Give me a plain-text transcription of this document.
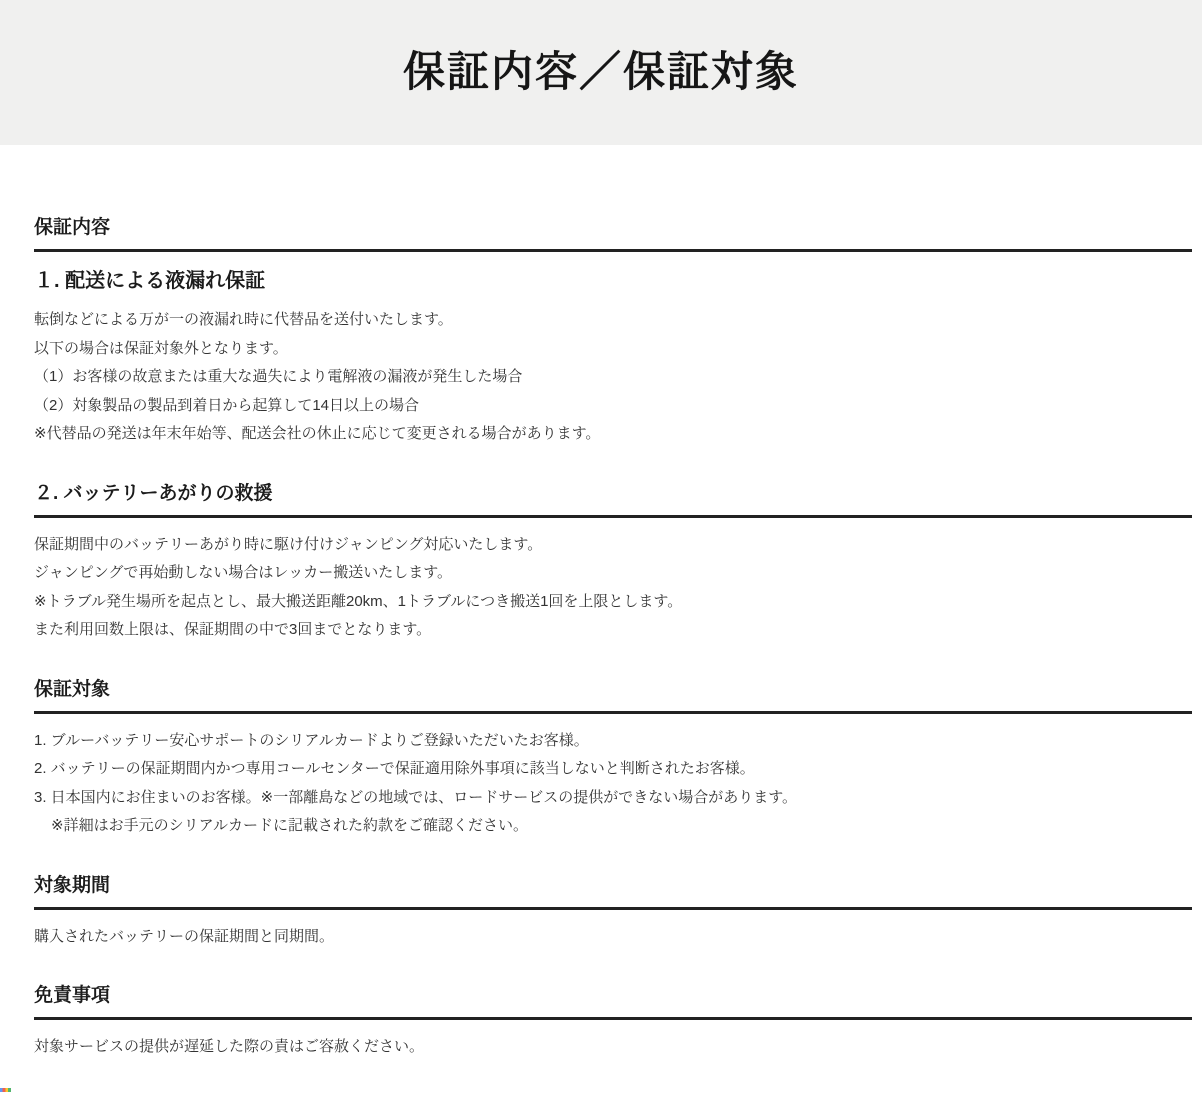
保証内容／保証対象
保証内容
１. 配送による液漏れ保証

転倒などによる万が一の液漏れ時に代替品を送付いたします。

以下の場合は保証対象外となります。

（1）お客様の故意または重大な過失により電解液の漏液が発生した場合

（2）対象製品の製品到着日から起算して14日以上の場合

※代替品の発送は年末年始等、配送会社の休止に応じて変更される場合があります。

２. バッテリーあがりの救援

保証期間中のバッテリーあがり時に駆け付けジャンピング対応いたします。

ジャンピングで再始動しない場合はレッカー搬送いたします。

※トラブル発生場所を起点とし、最大搬送距離20km、1トラブルにつき搬送1回を上限とします。

また利用回数上限は、保証期間の中で3回までとなります。

保証対象

1. ブルーバッテリー安心サポートのシリアルカードよりご登録いただいたお客様。

2. バッテリーの保証期間内かつ専用コールセンターで保証適用除外事項に該当しないと判断されたお客様。

3. 日本国内にお住まいのお客様。※一部離島などの地域では、ロードサービスの提供ができない場合があります。

※詳細はお手元のシリアルカードに記載された約款をご確認ください。

対象期間

購入されたバッテリーの保証期間と同期間。

免責事項

対象サービスの提供が遅延した際の責はご容赦ください。
